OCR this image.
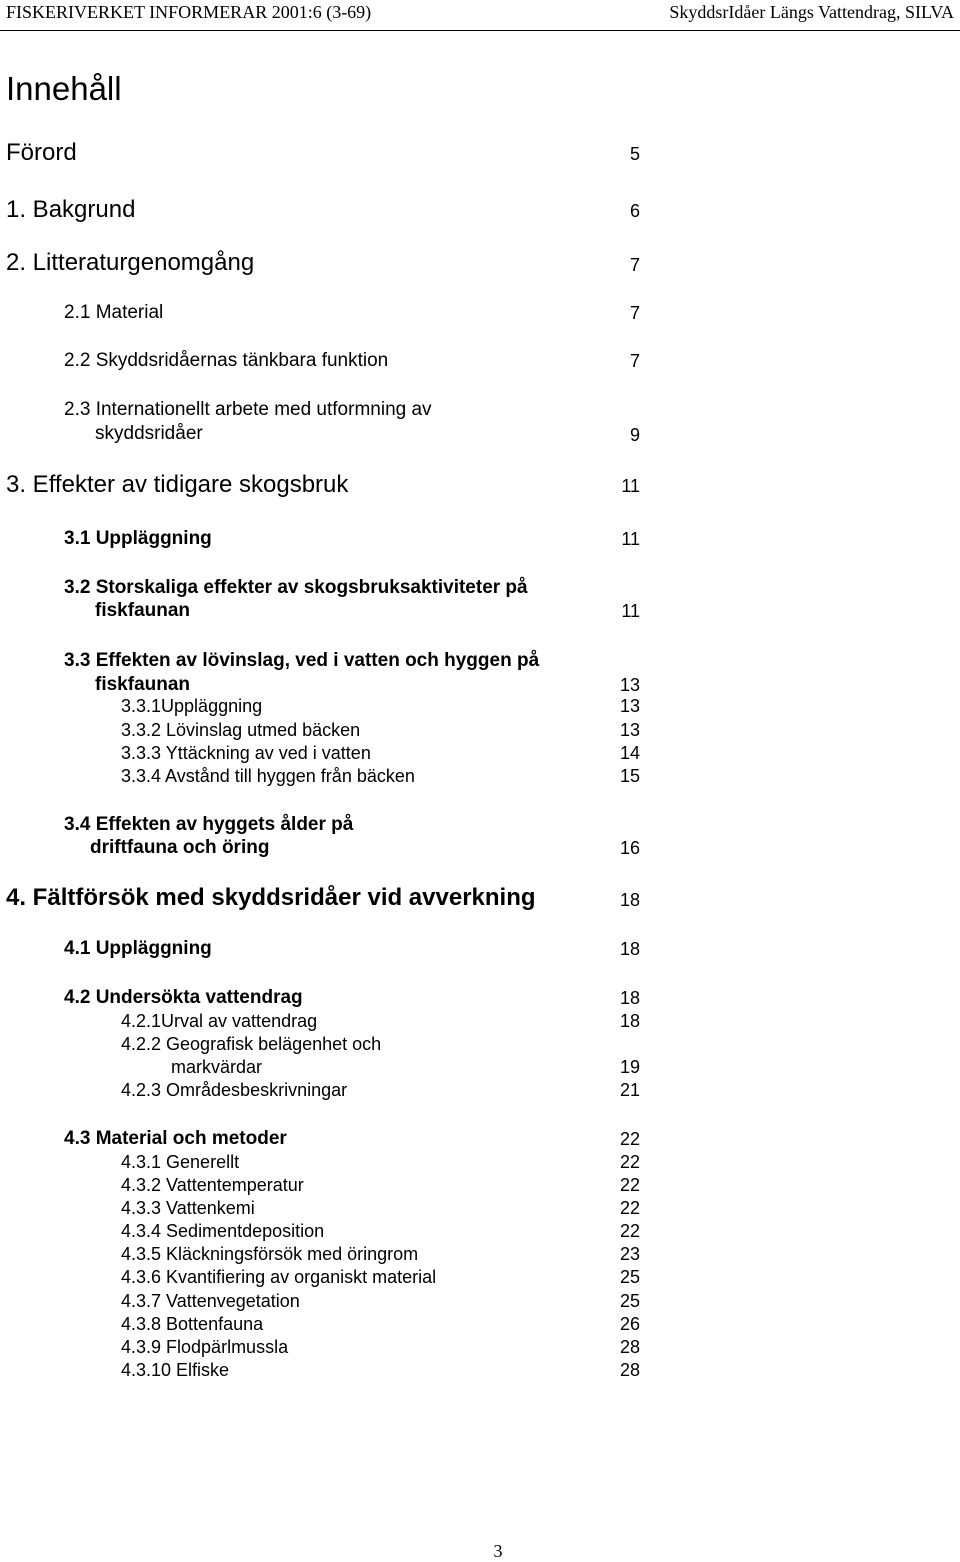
FISKERIVERKET INFORMERAR 2001:6 (3-69)	SkyddsrIdåer Längs Vattendrag, SILVA
Innehåll
Förord	5
1. Bakgrund	6
2. Litteraturgenomgång	7
2.1 Material	7
2.2 Skyddsridåernas tänkbara funktion	7
2.3 Internationellt arbete med utformning av
skyddsridåer	9
3. Effekter av tidigare skogsbruk	11
3.1 Uppläggning	11
3.2 Storskaliga effekter av skogsbruksaktiviteter på
fiskfaunan	11
3.3 Effekten av lövinslag, ved i vatten och hyggen på
fiskfaunan	13
3.3.1Uppläggning	13
3.3.2 Lövinslag utmed bäcken	13
3.3.3 Yttäckning av ved i vatten	14
3.3.4 Avstånd till hyggen från bäcken	15
3.4 Effekten av hyggets ålder på
driftfauna och öring	16
4. Fältförsök med skyddsridåer vid avverkning	18
4.1 Uppläggning	18
4.2 Undersökta vattendrag	18
4.2.1Urval av vattendrag	18
4.2.2 Geografisk belägenhet och
markvärdar	19
4.2.3 Områdesbeskrivningar	21
4.3 Material och metoder	22
4.3.1 Generellt	22
4.3.2 Vattentemperatur	22
4.3.3 Vattenkemi	22
4.3.4 Sedimentdeposition	22
4.3.5 Kläckningsförsök med öringrom	23
4.3.6 Kvantifiering av organiskt material	25
4.3.7 Vattenvegetation	25
4.3.8 Bottenfauna	26
4.3.9 Flodpärlmussla	28
4.3.10 Elfiske	28
3
